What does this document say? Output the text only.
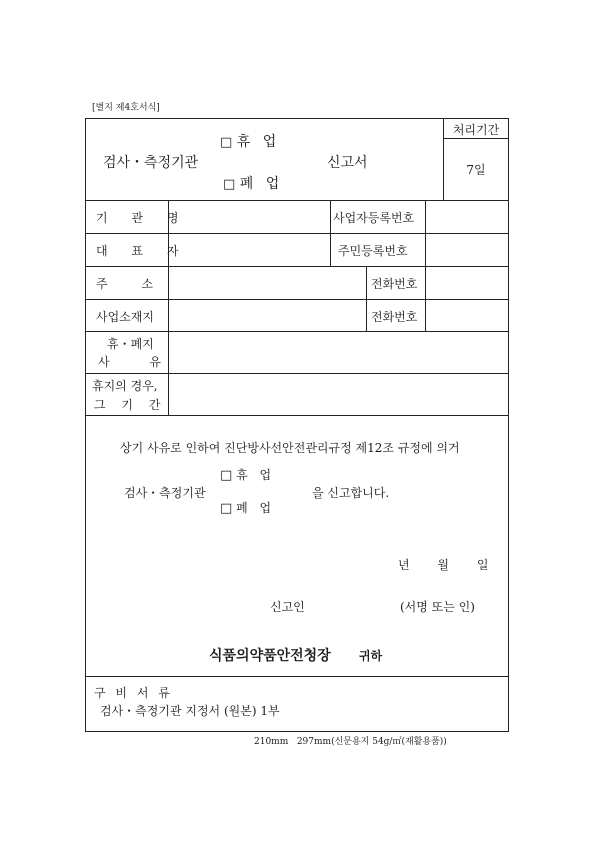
[별지 제4호서식]
□ 휴 업
검사・측정기관	신고서
□ 폐 업
처리기간
7일
기 관 명	사업자등록번호
대 표 자	주민등록번호
주 소	전화번호
사업소재지	전화번호
휴・폐지
사 유
휴지의 경우,
그 기 간
상기 사유로 인하여 진단방사선안전관리규정 제12조 규정에 의거
□ 휴 업
검사・측정기관	을 신고합니다.
□ 폐 업
년 월 일
신고인	(서명 또는 인)
식품의약품안전청장 귀하
구 비 서 류
검사・측정기관 지정서 (원본) 1부
210mm   297mm(신문용지 54g/㎡(재활용품))
